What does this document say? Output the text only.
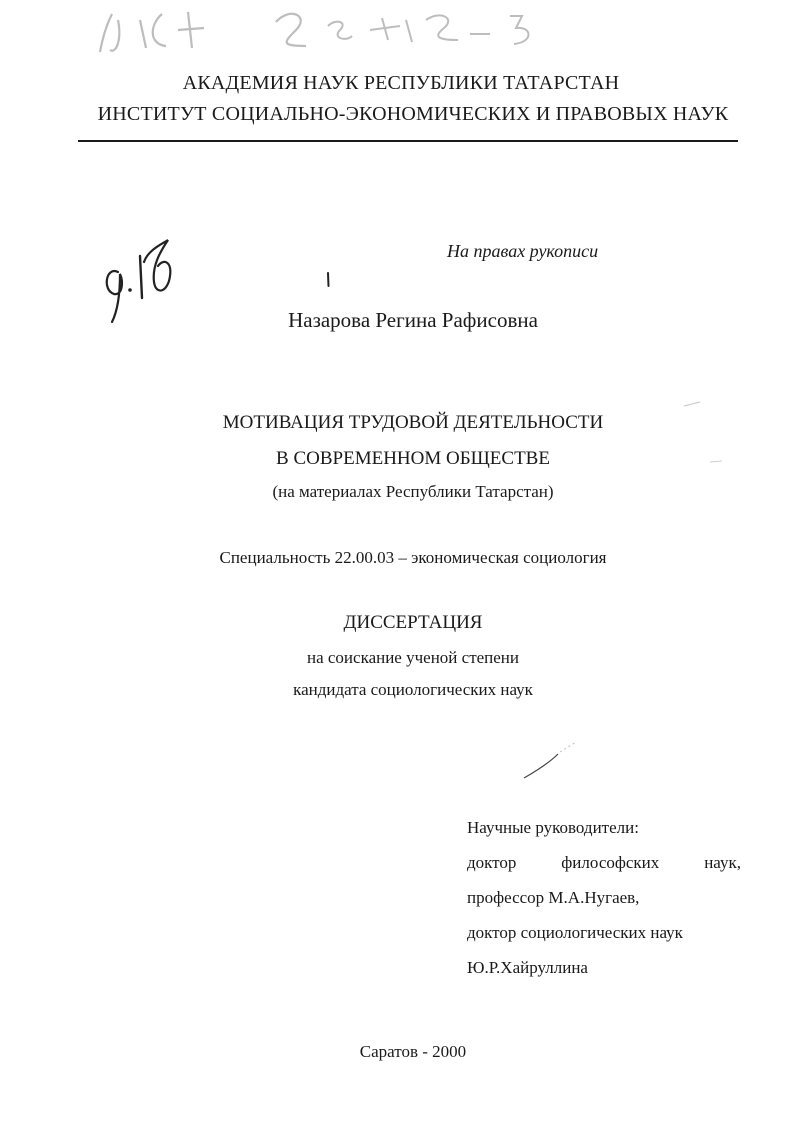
АКАДЕМИЯ НАУК РЕСПУБЛИКИ ТАТАРСТАН
ИНСТИТУТ СОЦИАЛЬНО-ЭКОНОМИЧЕСКИХ И ПРАВОВЫХ НАУК
На правах рукописи
Назарова Регина Рафисовна
МОТИВАЦИЯ ТРУДОВОЙ ДЕЯТЕЛЬНОСТИ
В СОВРЕМЕННОМ ОБЩЕСТВЕ
(на материалах Республики Татарстан)
Специальность 22.00.03 – экономическая социология
ДИССЕРТАЦИЯ
на соискание ученой степени
кандидата социологических наук
Научные руководители:
доктор	философских	наук,
профессор М.А.Нугаев,
доктор социологических наук
Ю.Р.Хайруллина
Саратов - 2000
